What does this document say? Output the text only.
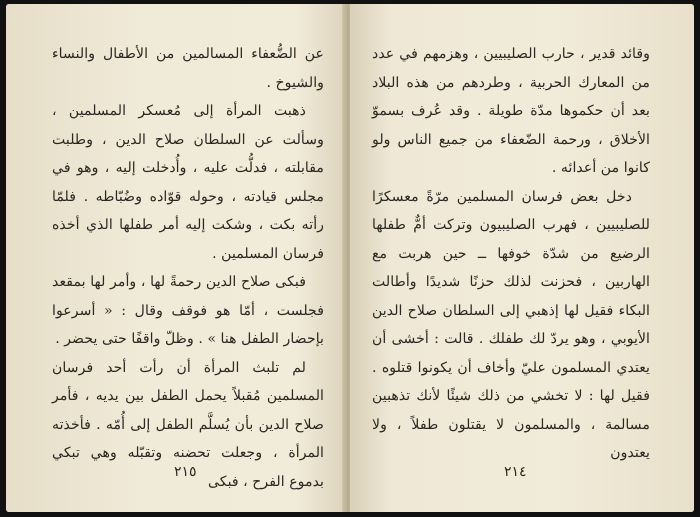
عن الضُّعفاء المسالمين من الأطفال والنساء والشيوخ .

ذهبت المرأة إلى مُعسكر المسلمين ، وسألت عن السلطان صلاح الدين ، وطلبت مقابلته ، فدلُّت عليه ، وأُدخلت إليه ، وهو في مجلس قيادته ، وحوله قوّاده وضُبّاطه . فلمّا رأته بكت ، وشكت إليه أمر طفلها الذي أخذه فرسان المسلمين .

فبكى صلاح الدين رحمةً لها ، وأمر لها بمقعد فجلست ، أمّا هو فوقف وقال : « أسرعوا بإحضار الطفل هنا » . وظلّ واقفًا حتى يحضر .

لم تلبث المرأة أن رأت أحد فرسان المسلمين مُقبلاً يحمل الطفل بين يديه ، فأمر صلاح الدين بأن يُسلَّم الطفل إلى أُمّه . فأخذته المرأة ، وجعلت تحضنه وتقبّله وهي تبكي بدموع الفرح ، فبكى

٢١٥

وقائد قدير ، حارب الصليبيين ، وهزمهم في عدد من المعارك الحربية ، وطردهم من هذه البلاد بعد أن حكموها مدّة طويلة . وقد عُرف بسموّ الأخلاق ، ورحمة الضّعفاء من جميع الناس ولو كانوا من أعدائه .

دخل بعض فرسان المسلمين مرّةً معسكرًا للصليبيين ، فهرب الصليبيون وتركت أمٌّ طفلها الرضيع من شدّة خوفها ــ حين هربت مع الهاربين ، فحزنت لذلك حزنًا شديدًا وأطالت البكاء فقيل لها إذهبي إلى السلطان صلاح الدين الأيوبي ، وهو يردّ لك طفلك . قالت : أخشى أن يعتدي المسلمون عليّ وأخاف أن يكونوا قتلوه . فقيل لها : لا تخشي من ذلك شيئًا لأنك تذهبين مسالمة ، والمسلمون لا يقتلون طفلاً ، ولا يعتدون

٢١٤
